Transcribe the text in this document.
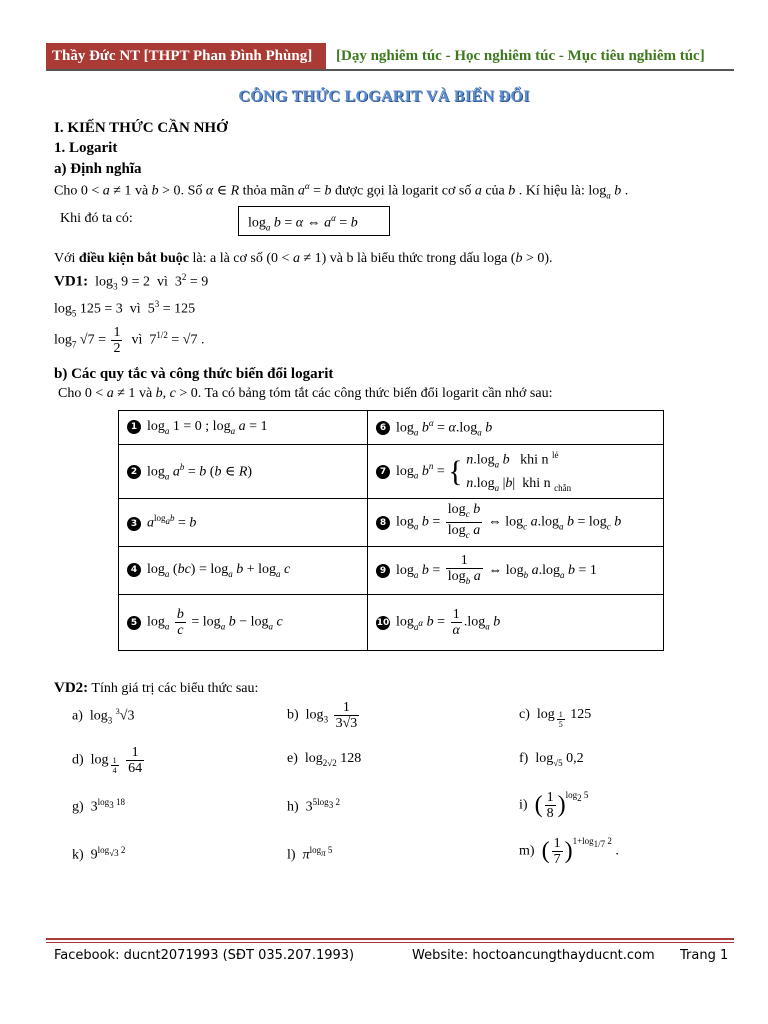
Thầy Đức NT [THPT Phan Đình Phùng]	[Dạy nghiêm túc - Học nghiêm túc - Mục tiêu nghiêm túc]
CÔNG THỨC LOGARIT VÀ BIẾN ĐỔI
I. KIẾN THỨC CẦN NHỚ
1. Logarit
a) Định nghĩa
Cho 0 < a ≠ 1 và b > 0. Số α ∈ R thỏa mãn $a^\alpha = b$ được gọi là logarit cơ số a của b . Kí hiệu là: $\log_a b$ .
Khi đó ta có:	$\log_a b = \alpha$ ⇔ $a^\alpha = b$
Với điều kiện bắt buộc là: a là cơ số (0 < a ≠ 1) và b là biểu thức trong dấu loga (b > 0).
VD1:  $\log_3 9 = 2$  vì  $3^2 = 9$
$\log_5 125 = 3$  vì  $5^3 = 125$
$\log_7 √7 = \frac{1}{2}$ vì  $7^{1/2} = √7$ .
b) Các quy tắc và công thức biến đổi logarit
Cho 0 < a ≠ 1 và b, c > 0. Ta có bảng tóm tắt các công thức biến đổi logarit cần nhớ sau:
1 $\log_a 1 = 0$ ; $\log_a a = 1$	6 $\log_a b^\alpha = \alpha.\log_a$ b
2 $\log_a a^b = b$ (b ∈ R)	7 $\log_a b^n$ = { $n.\log_a$ b khi n $^{lẻ}$
$n.\log_a$ |b|  khi n $_{chẵn}$
3 $a^{log_ab} = b$	8 $\log_a b = \frac{\log_c b}{\log_c a}$ ⇔ $\log_c a.\log_a$ $b = \log_c b$
4 $\log_a (bc) = \log_a b + \log_a c$	9 $\log_a b = \frac{1}{\log_b a}$ ⇔ $\log_b a.\log_a$ b = 1
5 $\log_a \frac{b}{c} = \log_a b - \log_a c$	10 $\log_{a^\alpha} b = \frac{1}{\alpha} .\log_a$ b
VD2: Tính giá trị các biểu thức sau:
a)  $\log_3 ^3√3$	b)  $\log_3 \frac{1}{3√3}$	c)  log $_{\frac{1}{5}}$ 125
d)  log $_{\frac{1}{4}}$
$\frac{1}{64}$	e)  $\log_{2√2} 128$	f)  $\log_{√5} 0,2$
g)  $3^{log_3 18}$	h)  $3^{5log_3 2}$	i) ( $\frac{1}{8} )^{log_2 5}$
k)  $9^{log_{√3} 2}$	l) $\pi^{log_\pi 5}$	m) ( $\frac{1}{7} )^{1+log_{1/7} 2}$ .
Facebook: ducnt2071993 (SĐT 035.207.1993)	Website: hoctoancungthayducnt.com Trang 1
